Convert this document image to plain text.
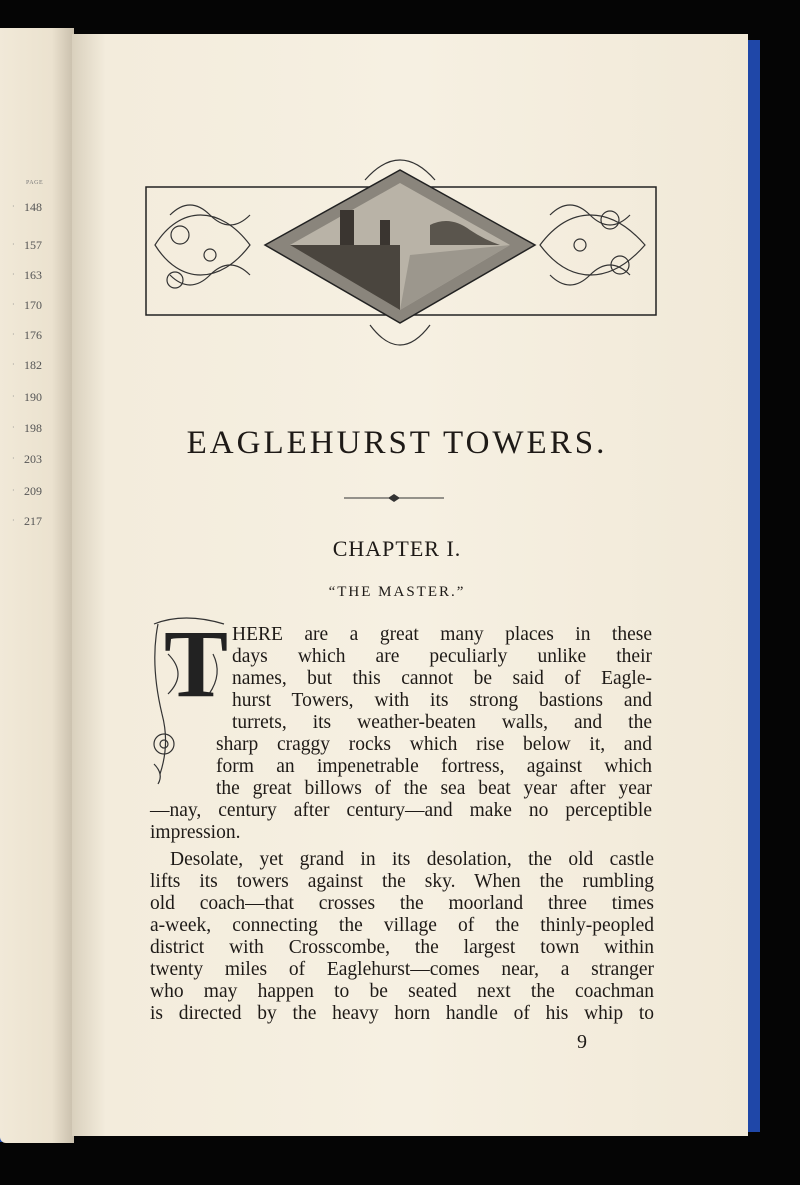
PAGE
· 148
· 157
· 163
· 170
· 176
· 182
· 190
· 198
· 203
· 209
· 217
EAGLEHURST TOWERS.
CHAPTER I.
“THE MASTER.”
T HERE are a great many places in these
days which are peculiarly unlike their
names, but this cannot be said of Eagle-
hurst Towers, with its strong bastions and
turrets, its weather-beaten walls, and the
sharp craggy rocks which rise below it, and
form an impenetrable fortress, against which
the great billows of the sea beat year after year
—nay, century after century—and make no perceptible
impression.
Desolate, yet grand in its desolation, the old castle
lifts its towers against the sky. When the rumbling
old coach—that crosses the moorland three times
a-week, connecting the village of the thinly-peopled
district with Crosscombe, the largest town within
twenty miles of Eaglehurst—comes near, a stranger
who may happen to be seated next the coachman
is directed by the heavy horn handle of his whip to
9
